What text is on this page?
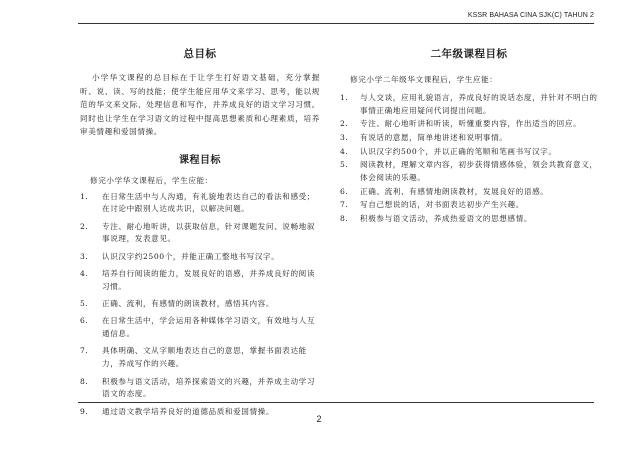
KSSR BAHASA CINA SJK(C) TAHUN 2
总目标

小学华文课程的总目标在于让学生打好语文基础，充分掌握听、说、读、写的技能；使学生能应用华文来学习、思考，能以规范的华文来交际、处理信息和写作，并养成良好的语文学习习惯。同时也让学生在学习语文的过程中提高思想素质和心理素质，培养审美情趣和爱国情操。

课程目标
修完小学华文课程后，学生应能：
1. 在日常生活中与人沟通，有礼貌地表达自己的看法和感受；在讨论中跟别人达成共识，以解决问题。
2. 专注、耐心地听讲，以获取信息，针对课题发问、说畅地叙事说理，发表意见。
3. 认识汉字约2500个，并能正确工整地书写汉字。
4. 培养自行阅读的能力，发展良好的语感，并养成良好的阅读习惯。
5. 正确、流利，有感情的朗读教材，感悟其内容。
6. 在日常生活中，学会运用各种媒体学习语文，有效地与人互通信息。
7. 具体明确、文从字顺地表达自己的意思，掌握书面表达能力，养成写作的兴趣。
8. 积极参与语文活动，培养探索语文的兴趣，并养成主动学习语文的态度。
9. 通过语文教学培养良好的道德品质和爱国情操。
二年级课程目标
修完小学二年级华文课程后，学生应能：
1. 与人交谈，应用礼貌语言，养成良好的说话态度，并针对不明白的事情正确地应用疑问代词提出问题。
2. 专注、耐心地听讲和听读，听懂重要内容，作出适当的回应。
3. 有说话的意愿，简单地讲述和说明事情。
4. 认识汉字约500个，并以正确的笔顺和笔画书写汉字。
5. 阅读教材，理解文章内容，初步获得情感体验，领会共教育意义，体会阅读的乐趣。
6. 正确、流利、有感情地朗读教材，发展良好的语感。
7. 写自己想说的话，对书面表达初步产生兴趣。
8. 积极参与语文活动，养成热爱语文的思想感情。
2
